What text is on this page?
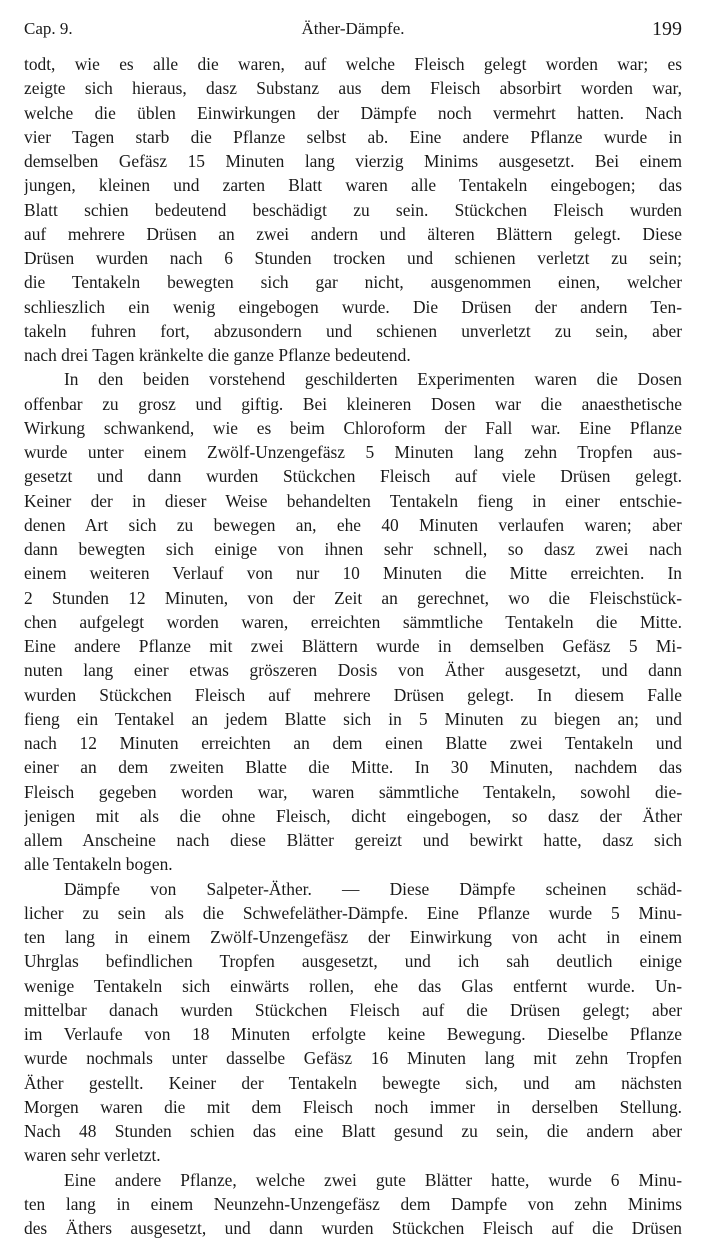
Cap. 9.	Äther-Dämpfe.	199
todt, wie es alle die waren, auf welche Fleisch gelegt worden war; es
zeigte sich hieraus, dasz Substanz aus dem Fleisch absorbirt worden war,
welche die üblen Einwirkungen der Dämpfe noch vermehrt hatten. Nach
vier Tagen starb die Pflanze selbst ab. Eine andere Pflanze wurde in
demselben Gefäsz 15 Minuten lang vierzig Minims ausgesetzt. Bei einem
jungen, kleinen und zarten Blatt waren alle Tentakeln eingebogen; das
Blatt schien bedeutend beschädigt zu sein. Stückchen Fleisch wurden
auf mehrere Drüsen an zwei andern und älteren Blättern gelegt. Diese
Drüsen wurden nach 6 Stunden trocken und schienen verletzt zu sein;
die Tentakeln bewegten sich gar nicht, ausgenommen einen, welcher
schlieszlich ein wenig eingebogen wurde. Die Drüsen der andern Ten-
takeln fuhren fort, abzusondern und schienen unverletzt zu sein, aber
nach drei Tagen kränkelte die ganze Pflanze bedeutend.
In den beiden vorstehend geschilderten Experimenten waren die Dosen
offenbar zu grosz und giftig. Bei kleineren Dosen war die anaesthetische
Wirkung schwankend, wie es beim Chloroform der Fall war. Eine Pflanze
wurde unter einem Zwölf-Unzengefäsz 5 Minuten lang zehn Tropfen aus-
gesetzt und dann wurden Stückchen Fleisch auf viele Drüsen gelegt.
Keiner der in dieser Weise behandelten Tentakeln fieng in einer entschie-
denen Art sich zu bewegen an, ehe 40 Minuten verlaufen waren; aber
dann bewegten sich einige von ihnen sehr schnell, so dasz zwei nach
einem weiteren Verlauf von nur 10 Minuten die Mitte erreichten. In
2 Stunden 12 Minuten, von der Zeit an gerechnet, wo die Fleischstück-
chen aufgelegt worden waren, erreichten sämmtliche Tentakeln die Mitte.
Eine andere Pflanze mit zwei Blättern wurde in demselben Gefäsz 5 Mi-
nuten lang einer etwas gröszeren Dosis von Äther ausgesetzt, und dann
wurden Stückchen Fleisch auf mehrere Drüsen gelegt. In diesem Falle
fieng ein Tentakel an jedem Blatte sich in 5 Minuten zu biegen an; und
nach 12 Minuten erreichten an dem einen Blatte zwei Tentakeln und
einer an dem zweiten Blatte die Mitte. In 30 Minuten, nachdem das
Fleisch gegeben worden war, waren sämmtliche Tentakeln, sowohl die-
jenigen mit als die ohne Fleisch, dicht eingebogen, so dasz der Äther
allem Anscheine nach diese Blätter gereizt und bewirkt hatte, dasz sich
alle Tentakeln bogen.
Dämpfe von Salpeter-Äther. — Diese Dämpfe scheinen schäd-
licher zu sein als die Schwefeläther-Dämpfe. Eine Pflanze wurde 5 Minu-
ten lang in einem Zwölf-Unzengefäsz der Einwirkung von acht in einem
Uhrglas befindlichen Tropfen ausgesetzt, und ich sah deutlich einige
wenige Tentakeln sich einwärts rollen, ehe das Glas entfernt wurde. Un-
mittelbar danach wurden Stückchen Fleisch auf die Drüsen gelegt; aber
im Verlaufe von 18 Minuten erfolgte keine Bewegung. Dieselbe Pflanze
wurde nochmals unter dasselbe Gefäsz 16 Minuten lang mit zehn Tropfen
Äther gestellt. Keiner der Tentakeln bewegte sich, und am nächsten
Morgen waren die mit dem Fleisch noch immer in derselben Stellung.
Nach 48 Stunden schien das eine Blatt gesund zu sein, die andern aber
waren sehr verletzt.
Eine andere Pflanze, welche zwei gute Blätter hatte, wurde 6 Minu-
ten lang in einem Neunzehn-Unzengefäsz dem Dampfe von zehn Minims
des Äthers ausgesetzt, und dann wurden Stückchen Fleisch auf die Drüsen
